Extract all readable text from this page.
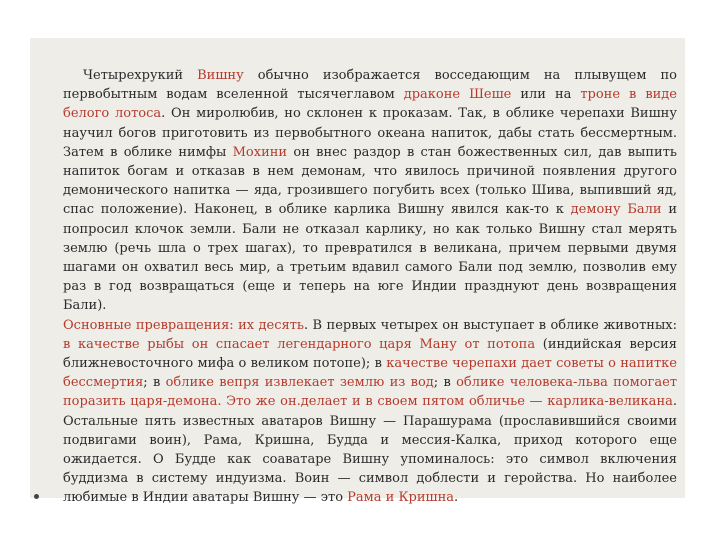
Четырехрукий Вишну обычно изображается восседающим на плывущем по первобытным водам вселенной тысячеглавом драконе Шеше или на троне в виде белого лотоса. Он миролюбив, но склонен к проказам. Так, в облике черепахи Вишну научил богов приготовить из первобытного океана напиток, дабы стать бессмертным. Затем в облике нимфы Мохини он внес раздор в стан божественных сил, дав выпить напиток богам и отказав в нем демонам, что явилось причиной появления другого демонического напитка — яда, грозившего погубить всех (только Шива, выпивший яд, спас положение). Наконец, в облике карлика Вишну явился как-то к демону Бали и попросил клочок земли. Бали не отказал карлику, но как только Вишну стал мерять землю (речь шла о трех шагах), то превратился в великана, причем первыми двумя шагами он охватил весь мир, а третьим вдавил самого Бали под землю, позволив ему раз в год возвращаться (еще и теперь на юге Индии празднуют день возвращения Бали).

Основные превращения: их десять. В первых четырех он выступает в облике животных: в качестве рыбы он спасает легендарного царя Ману от потопа (индийская версия ближневосточного мифа о великом потопе); в качестве черепахи дает советы о напитке бессмертия; в облике вепря извлекает землю из вод; в облике человека-льва помогает поразить царя-демона. Это же он.делает и в своем пятом обличье — карлика-великана. Остальные пять известных аватаров Вишну — Парашурама (прославившийся своими подвигами воин), Рама, Кришна, Будда и мессия-Калка, приход которого еще ожидается. О Будде как соаватаре Вишну упоминалось: это символ включения буддизма в систему индуизма. Воин — символ доблести и геройства. Но наиболее любимые в Индии аватары Вишну — это Рама и Кришна.
